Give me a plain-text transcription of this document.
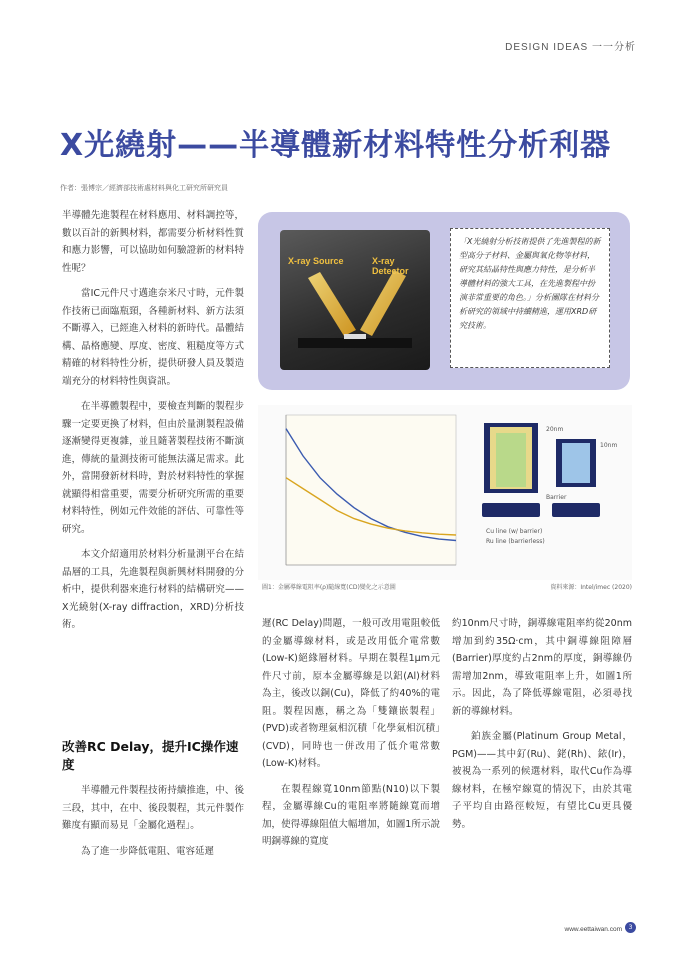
DESIGN IDEAS 一一分析
X光繞射——半導體新材料特性分析利器
作者：張博宗／經濟部技術處材料與化工研究所研究員

半導體先進製程在材料應用、材料調控等，數以百計的新興材料，都需要分析材料性質和應力影響，可以協助如何驗證新的材料特性呢？

當IC元件尺寸邁進奈米尺寸時，元件製作技術已面臨瓶頸，各種新材料、新方法須不斷導入，已經進入材料的新時代。晶體結構、晶格應變、厚度、密度、粗糙度等方式精確的材料特性分析，提供研發人員及製造端充分的材料特性與資訊。

在半導體製程中，要檢查判斷的製程步驟一定要更換了材料，但由於量測製程設備逐漸變得更複雜，並且隨著製程技術不斷演進，傳統的量測技術可能無法滿足需求。此外，當開發新材料時，對於材料特性的掌握就顯得相當重要，需要分析研究所需的重要材料特性，例如元件效能的評估、可靠性等研究。

本文介紹適用於材料分析量測平台在結晶層的工具，先進製程與新興材料開發的分析中，提供利器來進行材料的結構研究——X光繞射(X-ray diffraction，XRD)分析技術。

改善RC Delay，提升IC操作速度

半導體元件製程技術持續推進，中、後三段，其中，在中、後段製程，其元件製作難度有顯而易見「金屬化過程」。

為了進一步降低電阻、電容延遲

X-ray Source	X-ray Detector
「X光繞射分析技術提供了先進製程的新型高分子材料、金屬與氧化物等材料，研究其結晶特性與應力特性，是分析半導體材料的強大工具，在先進製程中扮演非常重要的角色。」分析團隊在材料分析研究的領域中持續精進，運用XRD研究技術。
Cu line (w/ barrier)
Ru line (barrierless)
20nm
10nm
Barrier
圖1：金屬導線電阻率(ρ)隨線寬(CD)變化之示意圖	資料來源：Intel/imec (2020)

遲(RC Delay)問題，一般可改用電阻較低的金屬導線材料，或是改用低介電常數(Low-K)絕緣層材料。早期在製程1μm元件尺寸前，原本金屬導線是以鋁(Al)材料為主，後改以銅(Cu)，降低了約40%的電阻。製程因應，稱之為「雙鑲嵌製程」(PVD)或者物理氣相沉積「化學氣相沉積」(CVD)，同時也一併改用了低介電常數(Low-K)材料。

在製程線寬10nm節點(N10)以下製程，金屬導線Cu的電阻率將隨線寬而增加，使得導線阻值大幅增加，如圖1所示說明銅導線的寬度

約10nm尺寸時，銅導線電阻率約從20nm增加到約35Ω·cm，其中銅導線阻障層(Barrier)厚度約占2nm的厚度，銅導線仍需增加2nm，導致電阻率上升，如圖1所示。因此，為了降低導線電阻，必須尋找新的導線材料。

鉑族金屬(Platinum Group Metal，PGM)——其中釕(Ru)、銠(Rh)、銥(Ir)，被視為一系列的候選材料，取代Cu作為導線材料，在極窄線寬的情況下，由於其電子平均自由路徑較短，有望比Cu更具優勢。

www.eettaiwan.com	3
